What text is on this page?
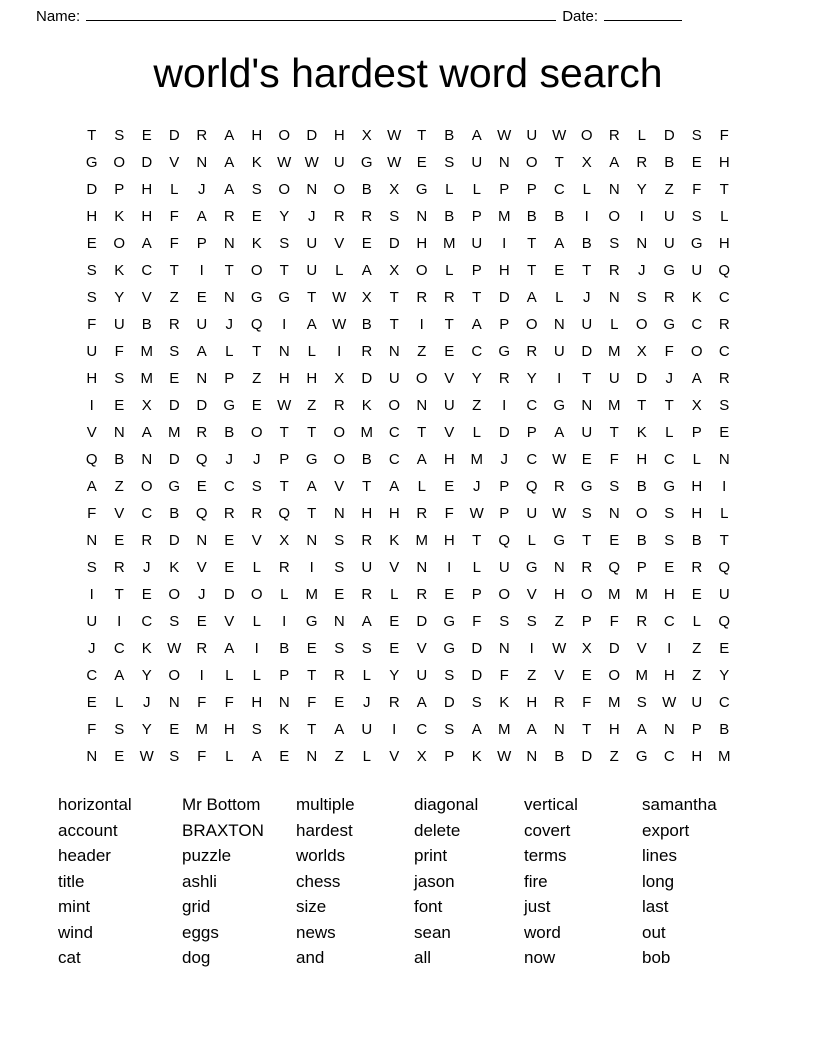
Name:	Date:
world's hardest word search
T	S	E	D	R	A	H	O	D	H	X	W	T	B	A	W	U W O	R	L	D	S	F
G	O	D	V	N	A	K	W W	U	G W	E	S	U	N	O	T	X	A	R	B	E	H
D	P	H	L	J	A	S	O	N	O	B	X	G	L	L	P	P	C	L	N	Y	Z	F	T
H	K	H	F	A	R	E	Y	J	R	R	S	N	B	P	M	B	B	I	O	I	U	S	L
E	O	A	F	P	N	K	S	U	V	E	D	H	M	U	I	T	A	B	S	N	U	G	H
S	K	C	T	I	T	O	T	U	L	A	X	O	L	P	H	T	E	T	R	J	G	U	Q
S	Y	V	Z	E	N	G	G	T	W	X	T	R	R	T	D	A	L	J	N	S	R	K	C
F	U	B	R	U	J	Q	I	A	W	B	T	I	T	A	P	O	N	U	L	O	G	C	R
U	F	M	S	A	L	T	N	L	I	R	N	Z	E	C	G	R	U	D	M	X	F	O	C
H	S	M	E	N	P	Z	H	H	X	D	U	O	V	Y	R	Y	I	T	U	D	J	A	R
I	E	X	D	D	G	E	W	Z	R	K	O	N	U	Z	I	C	G	N	M	T	T	X	S
V	N	A	M	R	B	O	T	T	O	M	C	T	V	L	D	P	A	U	T	K	L	P	E
Q	B	N	D	Q	J	J	P	G	O	B	C	A	H	M	J	C W	E	F	H	C	L	N
A	Z	O	G	E	C	S	T	A	V	T	A	L	E	J	P	Q	R	G	S	B	G	H	I
F	V	C	B	Q	R	R	Q	T	N	H	H	R	F	W	P	U W	S	N	O	S	H	L
N	E	R	D	N	E	V	X	N	S	R	K	M	H	T	Q	L	G	T	E	B	S	B	T
S	R	J	K	V	E	L	R	I	S	U	V	N	I	L	U	G	N	R	Q	P	E	R	Q
I	T	E	O	J	D	O	L	M	E	R	L	R	E	P	O	V	H	O	M	M	H	E	U
U	I	C	S	E	V	L	I	G	N	A	E	D	G	F	S	S	Z	P	F	R	C	L	Q
J	C	K	W	R	A	I	B	E	S	S	E	V	G	D	N	I	W	X	D	V	I	Z	E
C	A	Y	O	I	L	L	P	T	R	L	Y	U	S	D	F	Z	V	E	O	M	H	Z	Y
E	L	J	N	F	F	H	N	F	E	J	R	A	D	S	K	H	R	F	M	S	W	U	C
F	S	Y	E	M	H	S	K	T	A	U	I	C	S	A	M	A	N	T	H	A	N	P	B
N	E	W	S	F	L	A	E	N	Z	L	V	X	P	K	W	N	B	D	Z	G	C	H	M
horizontal
account
header
title
mint
wind
cat
Mr Bottom
BRAXTON
puzzle
ashli
grid
eggs
dog
multiple
hardest
worlds
chess
size
news
and
diagonal
delete
print
jason
font
sean
all
vertical
covert
terms
fire
just
word
now
samantha
export
lines
long
last
out
bob
